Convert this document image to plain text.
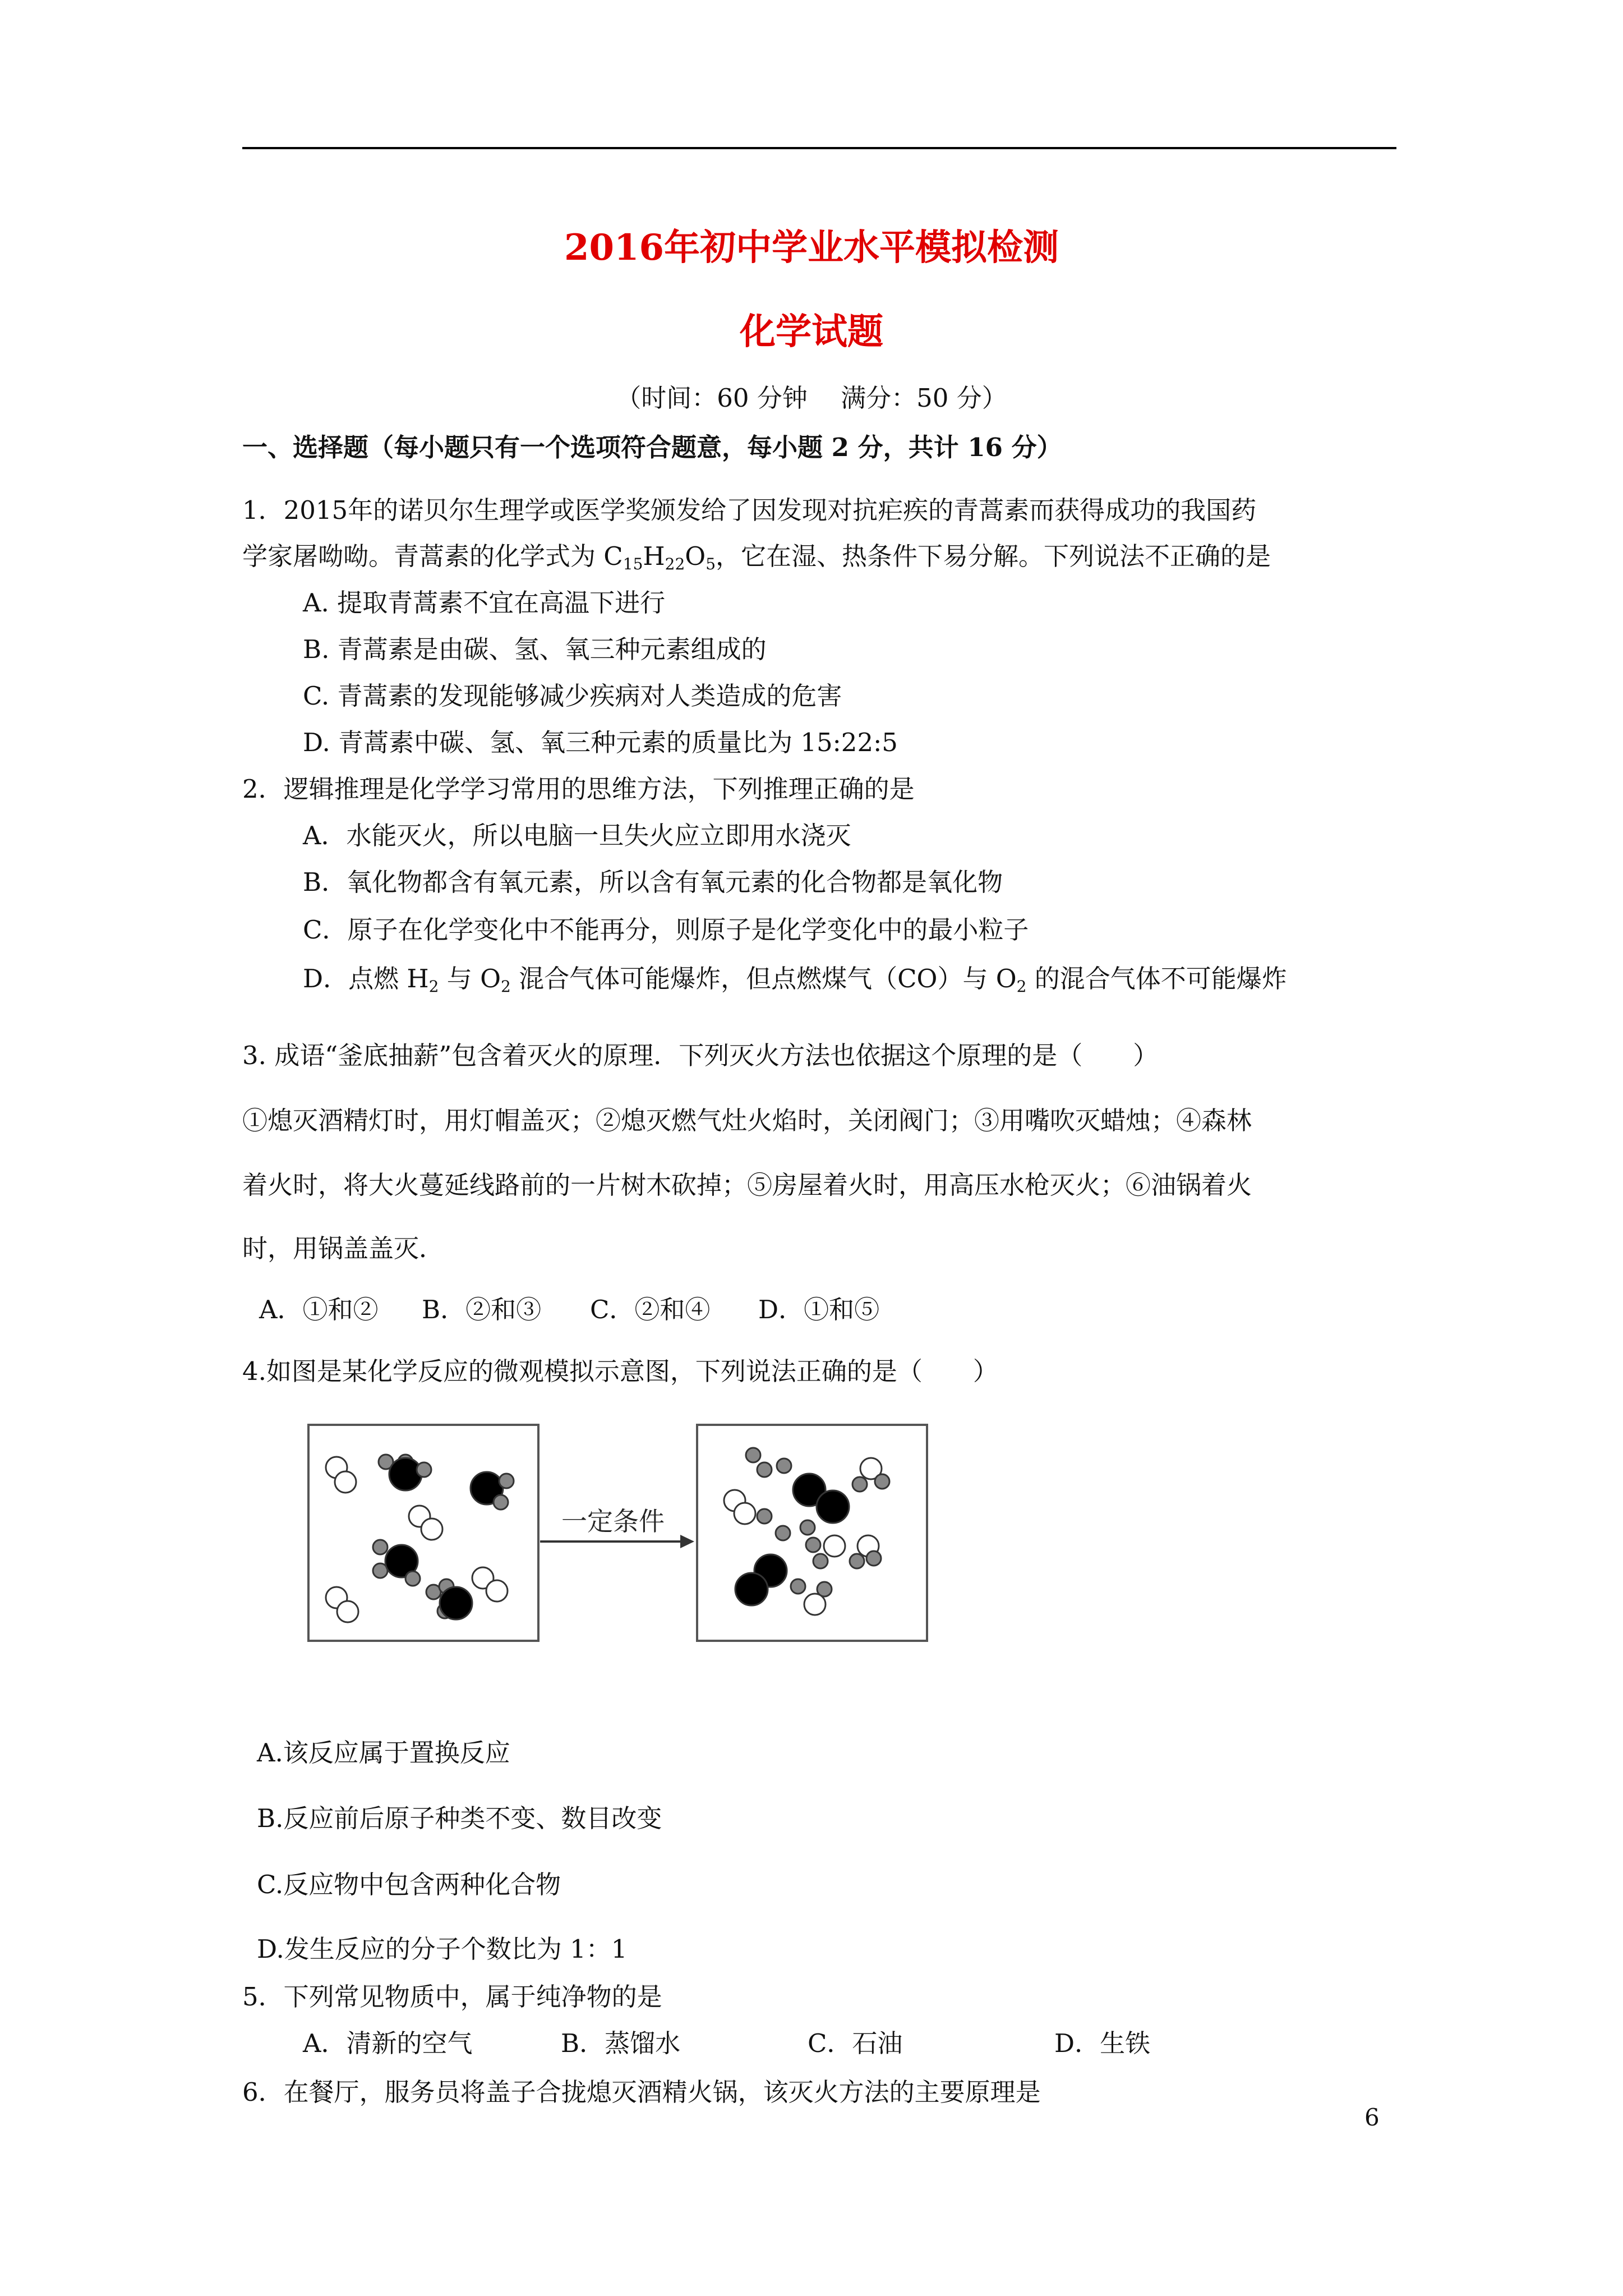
2016年初中学业水平模拟检测
化学试题
（时间：60 分钟　 满分：50 分）
一、选择题（每小题只有一个选项符合题意，每小题 2 分，共计 16 分）
1．2015年的诺贝尔生理学或医学奖颁发给了因发现对抗疟疾的青蒿素而获得成功的我国药
学家屠呦呦。青蒿素的化学式为 $C_{15}H_{22}O_5$，它在湿、热条件下易分解。下列说法不正确的是
A. 提取青蒿素不宜在高温下进行
B. 青蒿素是由碳、氢、氧三种元素组成的
C. 青蒿素的发现能够减少疾病对人类造成的危害
D. 青蒿素中碳、氢、氧三种元素的质量比为 15:22:5
2．逻辑推理是化学学习常用的思维方法，下列推理正确的是
A．水能灭火，所以电脑一旦失火应立即用水浇灭
B．氧化物都含有氧元素，所以含有氧元素的化合物都是氧化物
C．原子在化学变化中不能再分，则原子是化学变化中的最小粒子
D．点燃 $H_2$ 与 $O_2$ 混合气体可能爆炸，但点燃煤气（CO）与 $O_2$ 的混合气体不可能爆炸
3. 成语“釜底抽薪”包含着灭火的原理．下列灭火方法也依据这个原理的是（　　）
①熄灭酒精灯时，用灯帽盖灭；②熄灭燃气灶火焰时，关闭阀门；③用嘴吹灭蜡烛；④森林
着火时，将大火蔓延线路前的一片树木砍掉；⑤房屋着火时，用高压水枪灭火；⑥油锅着火
时，用锅盖盖灭．
A．①和② B．②和③ C．②和④ D．①和⑤
4.如图是某化学反应的微观模拟示意图，下列说法正确的是（　　）
一定条件
A.该反应属于置换反应
B.反应前后原子种类不变、数目改变
C.反应物中包含两种化合物
D.发生反应的分子个数比为 1：1
5．下列常见物质中，属于纯净物的是
A．清新的空气	B．蒸馏水	C．石油	D．生铁
6．在餐厅，服务员将盖子合拢熄灭酒精火锅，该灭火方法的主要原理是
6
